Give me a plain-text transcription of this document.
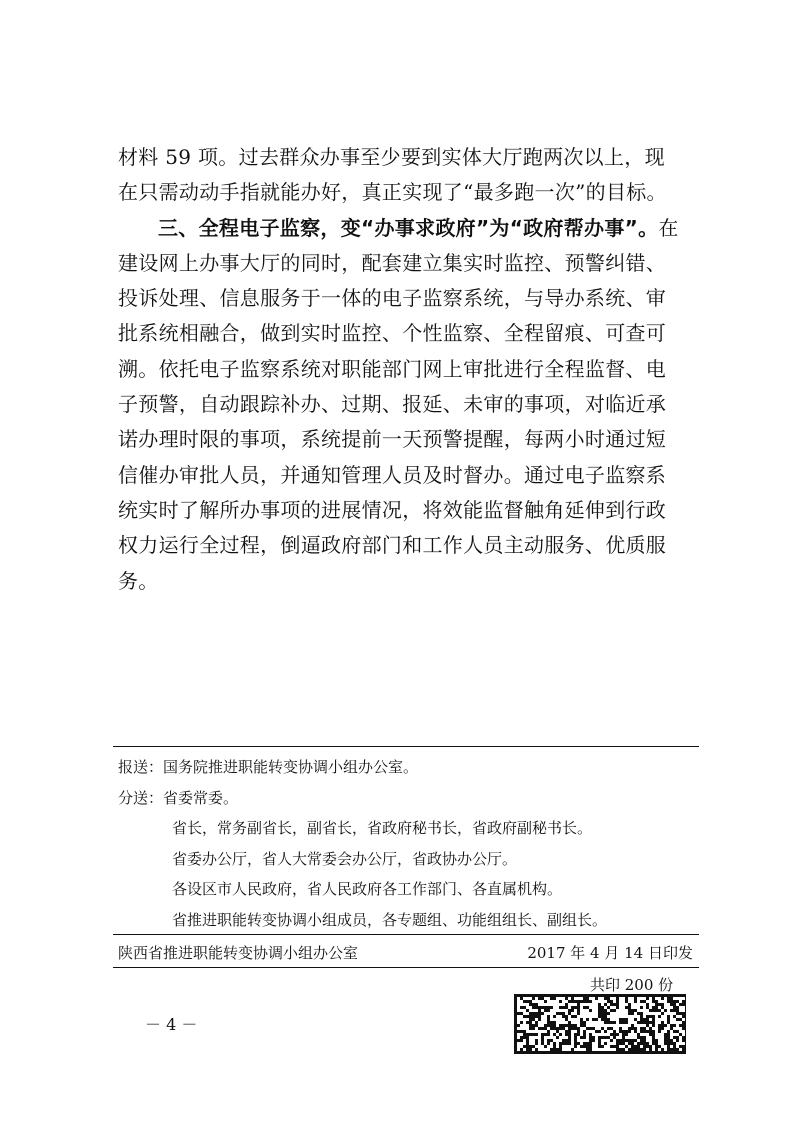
材料 59 项。过去群众办事至少要到实体大厅跑两次以上，现在只需动动手指就能办好，真正实现了“最多跑一次”的目标。

三、全程电子监察，变“办事求政府”为“政府帮办事”。在建设网上办事大厅的同时，配套建立集实时监控、预警纠错、投诉处理、信息服务于一体的电子监察系统，与导办系统、审批系统相融合，做到实时监控、个性监察、全程留痕、可查可溯。依托电子监察系统对职能部门网上审批进行全程监督、电子预警，自动跟踪补办、过期、报延、未审的事项，对临近承诺办理时限的事项，系统提前一天预警提醒，每两小时通过短信催办审批人员，并通知管理人员及时督办。通过电子监察系统实时了解所办事项的进展情况，将效能监督触角延伸到行政权力运行全过程，倒逼政府部门和工作人员主动服务、优质服务。

报送：国务院推进职能转变协调小组办公室。
分送：省委常委。
省长，常务副省长，副省长，省政府秘书长，省政府副秘书长。
省委办公厅，省人大常委会办公厅，省政协办公厅。
各设区市人民政府，省人民政府各工作部门、各直属机构。
省推进职能转变协调小组成员，各专题组、功能组组长、副组长。
陕西省推进职能转变协调小组办公室	2017 年 4 月 14 日印发
共印 200 份
－ 4 －
